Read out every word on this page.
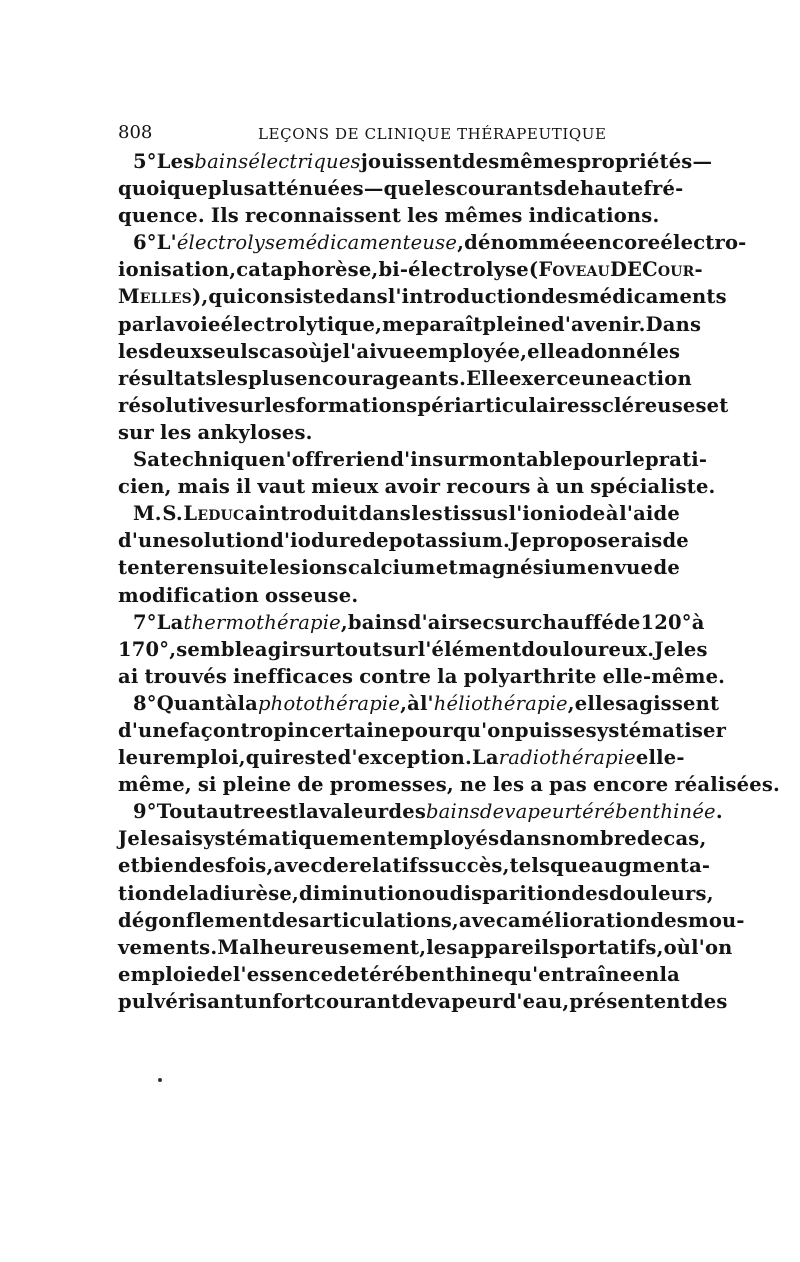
808	LEÇONS DE CLINIQUE THÉRAPEUTIQUE
5° Les bains électriques jouissent des mêmes propriétés —
quoique plus atténuées — que les courants de haute fré-
quence. Ils reconnaissent les mêmes indications.
6° L'électrolyse médicamenteuse, dénommée encore électro-
ionisation, cataphorèse, bi-électrolyse (Foveau DE Cour-
Melles), qui consiste dans l'introduction des médicaments
par la voie électrolytique, me paraît pleine d'avenir. Dans
les deux seuls cas où je l'ai vue employée, elle a donné les
résultats les plus encourageants. Elle exerce une action
résolutive sur les formations périarticulaires scléreuses et
sur les ankyloses.
Sa technique n'offre rien d'insurmontable pour le prati-
cien, mais il vaut mieux avoir recours à un spécialiste.
M. S. Leduc a introduit dans les tissus l'ion iode à l'aide
d'une solution d'iodure de potassium. Je proposerais de
tenter ensuite les ions calcium et magnésium en vue de
modification osseuse.
7° La thermothérapie, bains d'air sec surchauffé de 120° à
170°, semble agir surtout sur l'élément douloureux. Je les
ai trouvés inefficaces contre la polyarthrite elle-même.
8° Quant à la photothérapie, à l'héliothérapie, elles agissent
d'une façon trop incertaine pour qu'on puisse systématiser
leur emploi, qui reste d'exception. La radiothérapie elle-
même, si pleine de promesses, ne les a pas encore réalisées.
9° Tout autre est la valeur des bains de vapeur térébenthinée.
Je les ai systématiquement employés dans nombre de cas,
et bien des fois, avec de relatifs succès, tels que augmenta-
tion de la diurèse, diminution ou disparition des douleurs,
dégonflement des articulations, avec amélioration des mou-
vements. Malheureusement, les appareils portatifs, où l'on
emploie de l'essence de térébenthine qu'entraîne en la
pulvérisant un fort courant de vapeur d'eau, présentent des
